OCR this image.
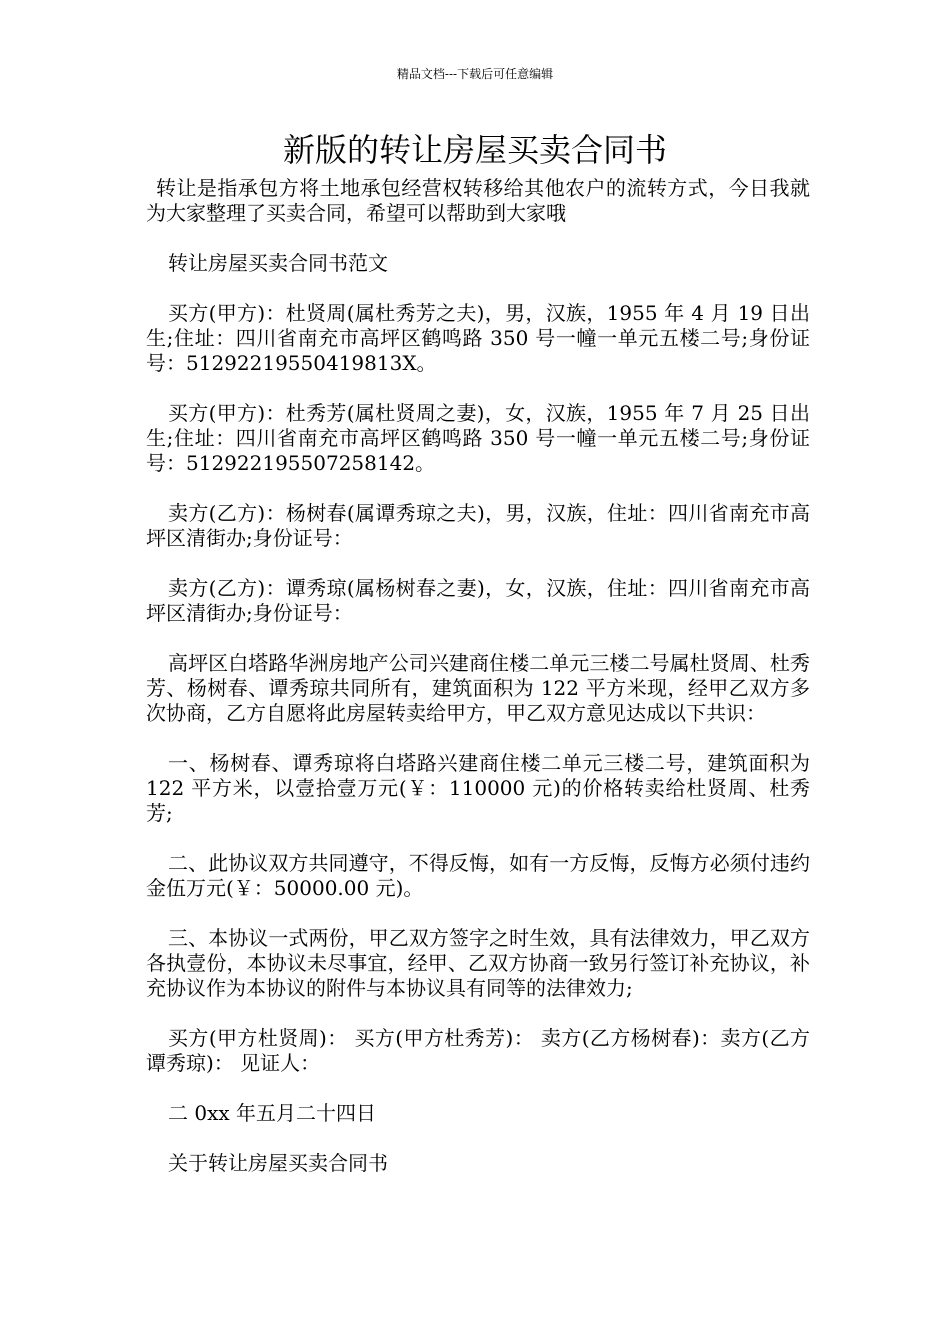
精品文档---下载后可任意编辑
新版的转让房屋买卖合同书

转让是指承包方将土地承包经营权转移给其他农户的流转方式，今日我就为大家整理了买卖合同，希望可以帮助到大家哦

转让房屋买卖合同书范文

买方(甲方)：杜贤周(属杜秀芳之夫)，男，汉族，1955 年 4 月 19 日出生;住址：四川省南充市高坪区鹤鸣路 350 号一幢一单元五楼二号;身份证号：51292219550419813X。

买方(甲方)：杜秀芳(属杜贤周之妻)，女，汉族，1955 年 7 月 25 日出生;住址：四川省南充市高坪区鹤鸣路 350 号一幢一单元五楼二号;身份证号：512922195507258142。

卖方(乙方)：杨树春(属谭秀琼之夫)，男，汉族，住址：四川省南充市高坪区清街办;身份证号：

卖方(乙方)：谭秀琼(属杨树春之妻)，女，汉族，住址：四川省南充市高坪区清街办;身份证号：

高坪区白塔路华洲房地产公司兴建商住楼二单元三楼二号属杜贤周、杜秀芳、杨树春、谭秀琼共同所有，建筑面积为 122 平方米现，经甲乙双方多次协商，乙方自愿将此房屋转卖给甲方，甲乙双方意见达成以下共识：

一、杨树春、谭秀琼将白塔路兴建商住楼二单元三楼二号，建筑面积为 122 平方米，以壹拾壹万元(￥：110000 元)的价格转卖给杜贤周、杜秀芳;

二、此协议双方共同遵守，不得反悔，如有一方反悔，反悔方必须付违约金伍万元(￥：50000.00 元)。

三、本协议一式两份，甲乙双方签字之时生效，具有法律效力，甲乙双方各执壹份，本协议未尽事宜，经甲、乙双方协商一致另行签订补充协议，补充协议作为本协议的附件与本协议具有同等的法律效力;

买方(甲方杜贤周)： 买方(甲方杜秀芳)： 卖方(乙方杨树春)：卖方(乙方谭秀琼)： 见证人：

二 0xx 年五月二十四日

关于转让房屋买卖合同书
